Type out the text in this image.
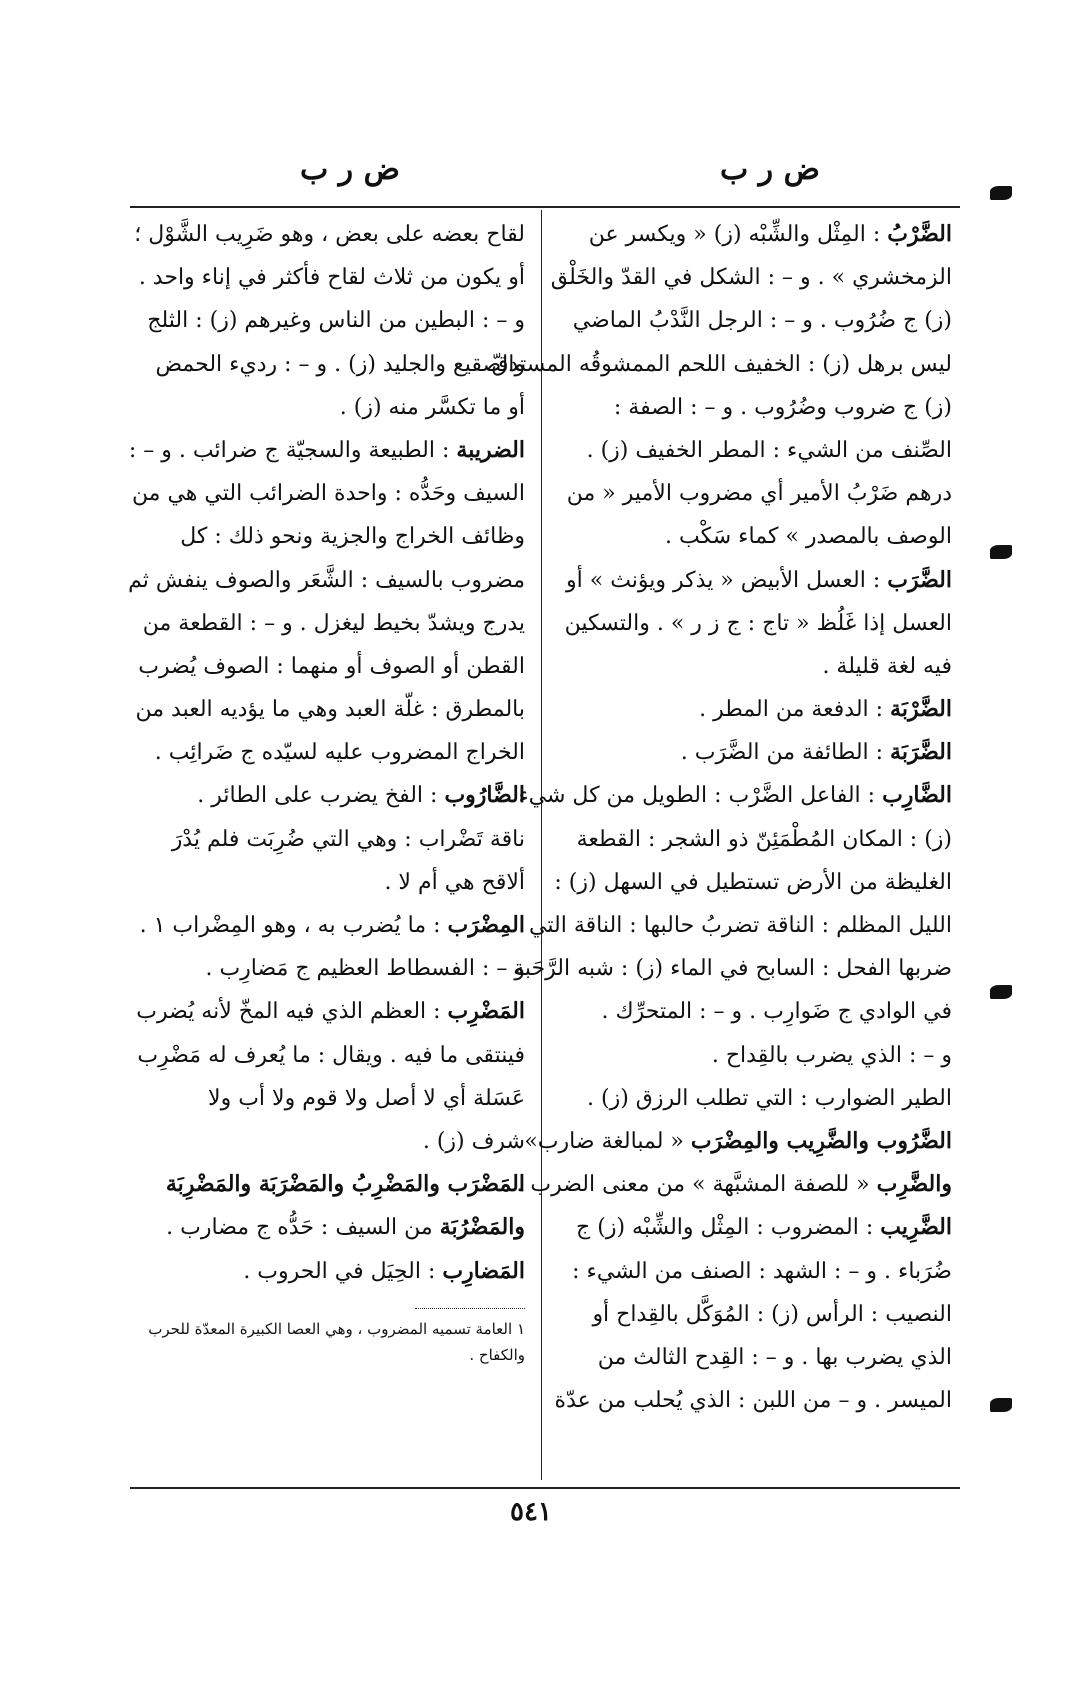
ض ر ب
ض ر ب
الضَّرْبُ : المِثْل والشِّبْه (ز) « ويكسر عن
الزمخشري » . و – : الشكل في القدّ والخَلْق
(ز) ج ضُرُوب . و – : الرجل النَّدْبُ الماضي
ليس برهل (ز) : الخفيف اللحم الممشوقُه المستدقّ
(ز) ج ضروب وضُرُوب . و – : الصفة :
الصِّنف من الشيء : المطر الخفيف (ز) .
درهم ضَرْبُ الأمير أي مضروب الأمير « من
الوصف بالمصدر » كماء سَكْب .
الضَّرَب : العسل الأبيض « يذكر ويؤنث » أو
العسل إذا غَلُظ « تاج : ج ز ر » . والتسكين
فيه لغة قليلة .
الضَّرْبَة : الدفعة من المطر .
الضَّرَبَة : الطائفة من الضَّرَب .
الضَّارِب : الفاعل الضَّرْب : الطويل من كل شيء
(ز) : المكان المُطْمَئِنّ ذو الشجر : القطعة
الغليظة من الأرض تستطيل في السهل (ز) :
الليل المظلم : الناقة تضربُ حالبها : الناقة التي
ضربها الفحل : السابح في الماء (ز) : شبه الرَّحَبة
في الوادي ج ضَوارِب . و – : المتحرِّك .
و – : الذي يضرب بالقِداح .
الطير الضوارب : التي تطلب الرزق (ز) .
الضَّرُوب والضَّرِيب والمِضْرَب « لمبالغة ضارب»
والضَّرِب « للصفة المشبَّهة » من معنى الضرب .
الضَّرِيب : المضروب : المِثْل والشِّبْه (ز) ج
ضُرَباء . و – : الشهد : الصنف من الشيء :
النصيب : الرأس (ز) : المُوَكَّل بالقِداح أو
الذي يضرب بها . و – : القِدح الثالث من
الميسر . و – من اللبن : الذي يُحلب من عدّة
لقاح بعضه على بعض ، وهو ضَرِيب الشَّوْل ؛
أو يكون من ثلاث لقاح فأكثر في إناء واحد .
و – : البطين من الناس وغيرهم (ز) : الثلج
والصقيع والجليد (ز) . و – : رديء الحمض
أو ما تكسَّر منه (ز) .
الضريبة : الطبيعة والسجيّة ج ضرائب . و – :
السيف وحَدُّه : واحدة الضرائب التي هي من
وظائف الخراج والجزية ونحو ذلك : كل
مضروب بالسيف : الشَّعَر والصوف ينفش ثم
يدرج ويشدّ بخيط ليغزل . و – : القطعة من
القطن أو الصوف أو منهما : الصوف يُضرب
بالمطرق : غلّة العبد وهي ما يؤديه العبد من
الخراج المضروب عليه لسيّده ج ضَرائِب .
الضَّارُوب : الفخ يضرب على الطائر .
ناقة تَضْراب : وهي التي ضُرِبَت فلم يُدْرَ
ألاقح هي أم لا .
المِضْرَب : ما يُضرب به ، وهو المِضْراب ١ .
و – : الفسطاط العظيم ج مَضارِب .
المَضْرِب : العظم الذي فيه المخّ لأنه يُضرب
فينتقى ما فيه . ويقال : ما يُعرف له مَضْرِب
عَسَلة أي لا أصل ولا قوم ولا أب ولا
شرف (ز) .
المَضْرَب والمَضْرِبُ والمَضْرَبَة والمَضْرِبَة
والمَضْرُبَة من السيف : حَدُّه ج مضارب .
المَضارِب : الحِيَل في الحروب .
١ العامة تسميه المضروب ، وهي العصا الكبيرة المعدّة للحرب والكفاح .
٥٤١
